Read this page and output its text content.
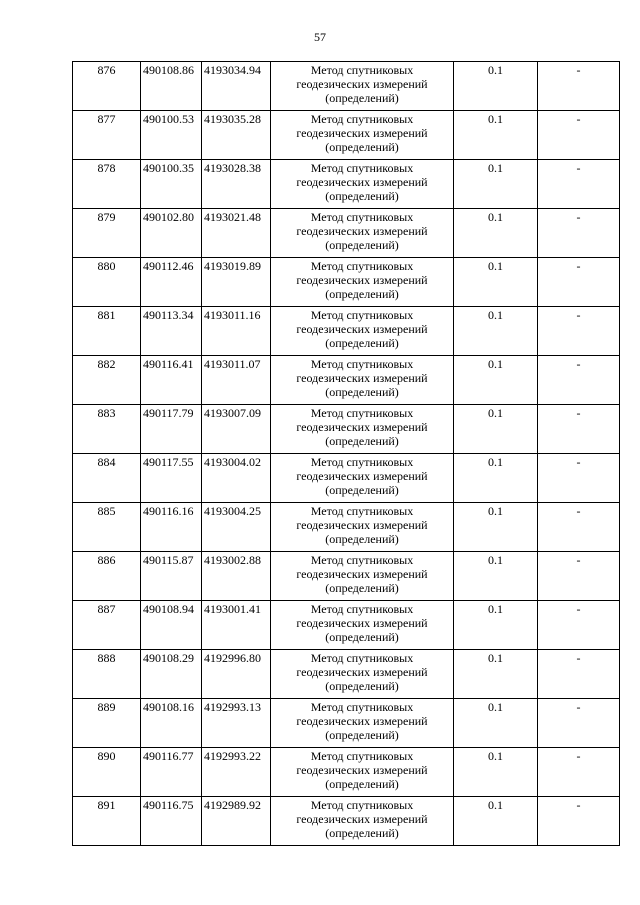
57
876	490108.86	4193034.94	Метод спутниковых
геодезических измерений
(определений)	0.1	-
877	490100.53	4193035.28	Метод спутниковых
геодезических измерений
(определений)	0.1	-
878	490100.35	4193028.38	Метод спутниковых
геодезических измерений
(определений)	0.1	-
879	490102.80	4193021.48	Метод спутниковых
геодезических измерений
(определений)	0.1	-
880	490112.46	4193019.89	Метод спутниковых
геодезических измерений
(определений)	0.1	-
881	490113.34	4193011.16	Метод спутниковых
геодезических измерений
(определений)	0.1	-
882	490116.41	4193011.07	Метод спутниковых
геодезических измерений
(определений)	0.1	-
883	490117.79	4193007.09	Метод спутниковых
геодезических измерений
(определений)	0.1	-
884	490117.55	4193004.02	Метод спутниковых
геодезических измерений
(определений)	0.1	-
885	490116.16	4193004.25	Метод спутниковых
геодезических измерений
(определений)	0.1	-
886	490115.87	4193002.88	Метод спутниковых
геодезических измерений
(определений)	0.1	-
887	490108.94	4193001.41	Метод спутниковых
геодезических измерений
(определений)	0.1	-
888	490108.29	4192996.80	Метод спутниковых
геодезических измерений
(определений)	0.1	-
889	490108.16	4192993.13	Метод спутниковых
геодезических измерений
(определений)	0.1	-
890	490116.77	4192993.22	Метод спутниковых
геодезических измерений
(определений)	0.1	-
891	490116.75	4192989.92	Метод спутниковых
геодезических измерений
(определений)	0.1	-
